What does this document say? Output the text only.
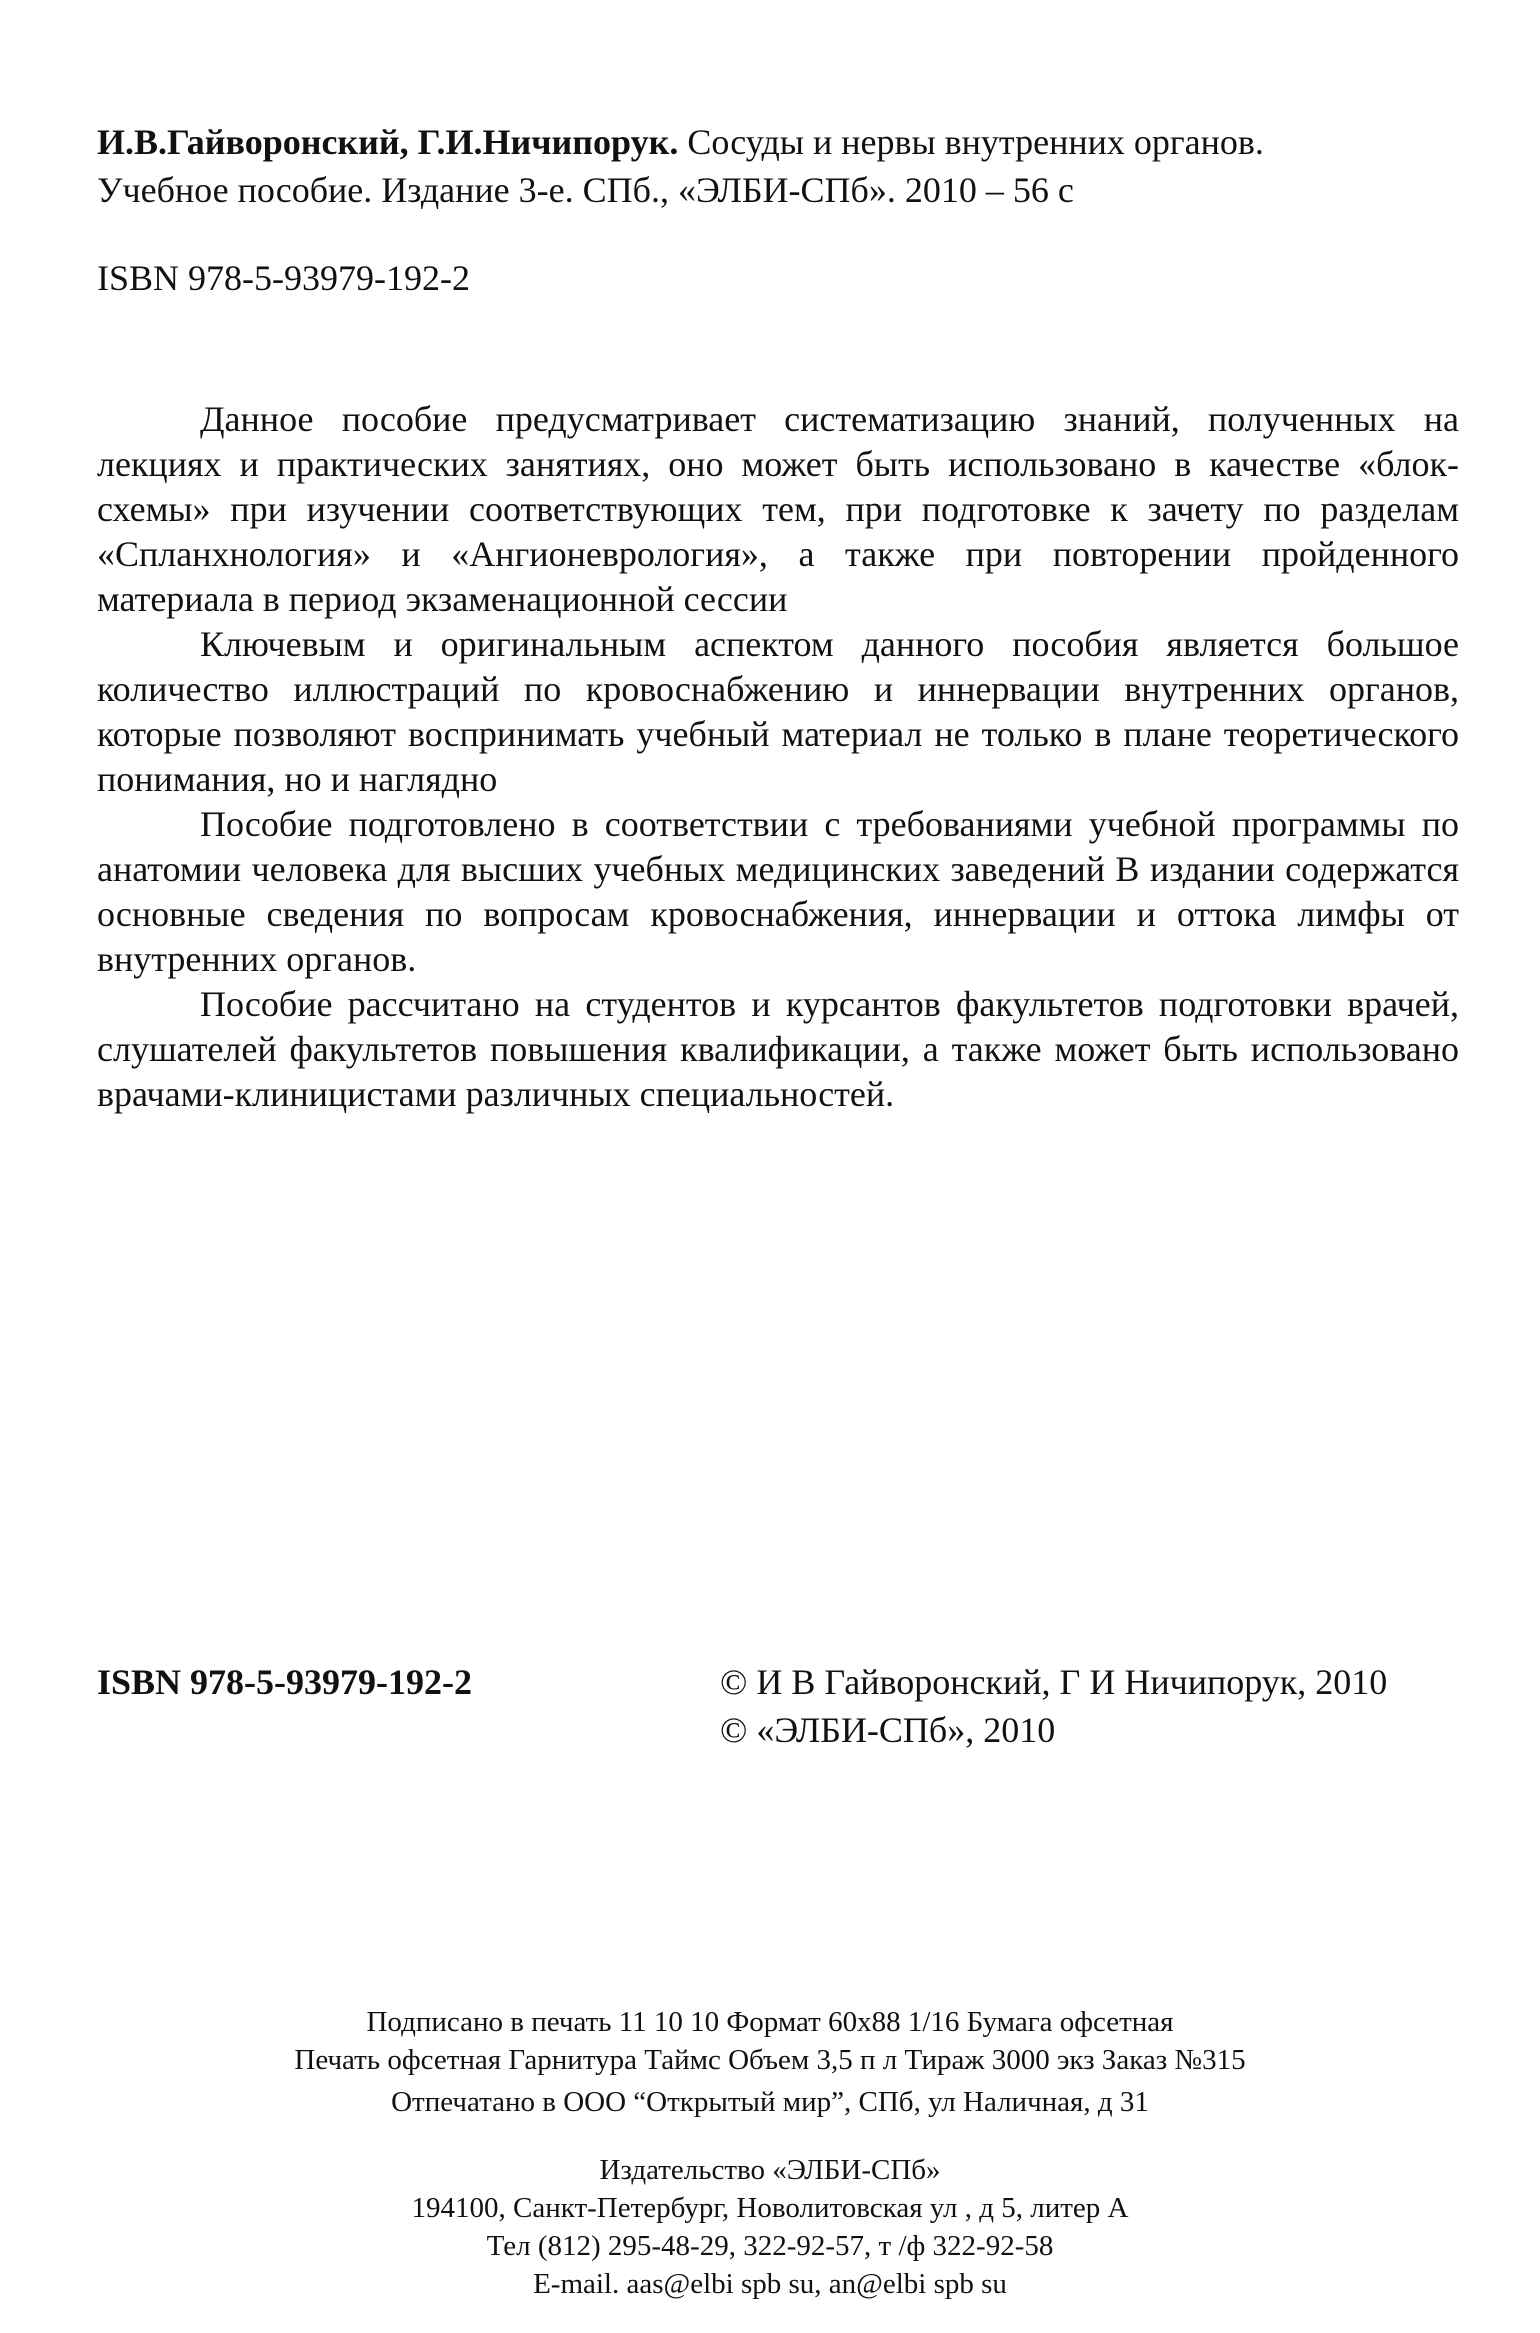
И.В.Гайворонский, Г.И.Ничипорук. Сосуды и нервы внутренних органов.
Учебное пособие. Издание 3-е. СПб., «ЭЛБИ-СПб». 2010 – 56 с
ISBN 978-5-93979-192-2

Данное пособие предусматривает систематизацию знаний, полученных на лекциях и практических занятиях, оно может быть использовано в качестве «блок-схемы» при изучении соответствующих тем, при подготовке к зачету по разделам «Спланхнология» и «Ангионеврология», а также при повторении пройденного материала в период экзаменационной сессии

Ключевым и оригинальным аспектом данного пособия является большое количество иллюстраций по кровоснабжению и иннервации внутренних органов, которые позволяют воспринимать учебный материал не только в плане теоретического понимания, но и наглядно

Пособие подготовлено в соответствии с требованиями учебной программы по анатомии человека для высших учебных медицинских заведений В издании содержатся основные сведения по вопросам кровоснабжения, иннервации и оттока лимфы от внутренних органов.

Пособие рассчитано на студентов и курсантов факультетов подготовки врачей, слушателей факультетов повышения квалификации, а также может быть использовано врачами-клиницистами различных специальностей.

ISBN 978-5-93979-192-2	© И В Гайворонский, Г И Ничипорук, 2010
© «ЭЛБИ-СПб», 2010
Подписано в печать 11 10 10 Формат 60x88 1/16 Бумага офсетная
Печать офсетная Гарнитура Таймс Объем 3,5 п л Тираж 3000 экз Заказ №315
Отпечатано в ООО “Открытый мир”, СПб, ул Наличная, д 31
Издательство «ЭЛБИ-СПб»
194100, Санкт-Петербург, Новолитовская ул , д 5, литер А
Тел (812) 295-48-29, 322-92-57, т /ф 322-92-58
E-mail. aas@elbi spb su, an@elbi spb su
